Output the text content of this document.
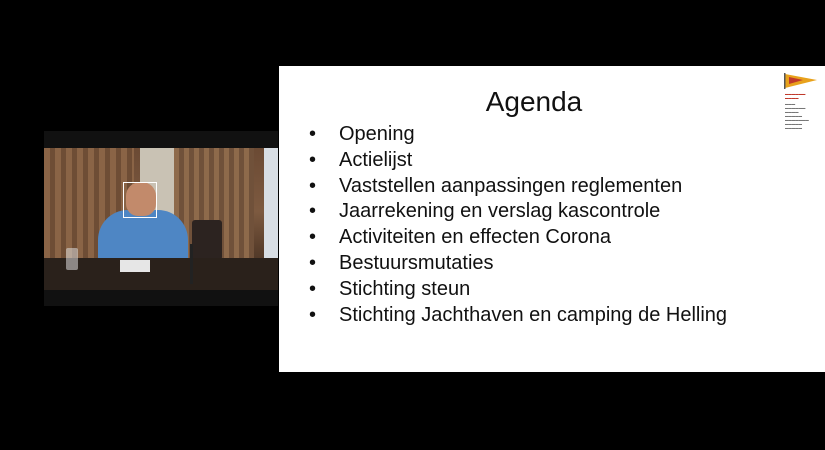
Agenda
•	Opening
•	Actielijst
•	Vaststellen aanpassingen reglementen
•	Jaarrekening en verslag kascontrole
•	Activiteiten en effecten Corona
•	Bestuursmutaties
•	Stichting steun
•	Stichting Jachthaven en camping de Helling
▬▬▬▬▬▬
▬▬▬▬
▬▬▬
▬▬▬▬▬▬
▬▬▬▬
▬▬▬▬▬
▬▬▬▬▬▬▬
▬▬▬▬▬
▬▬▬▬▬
